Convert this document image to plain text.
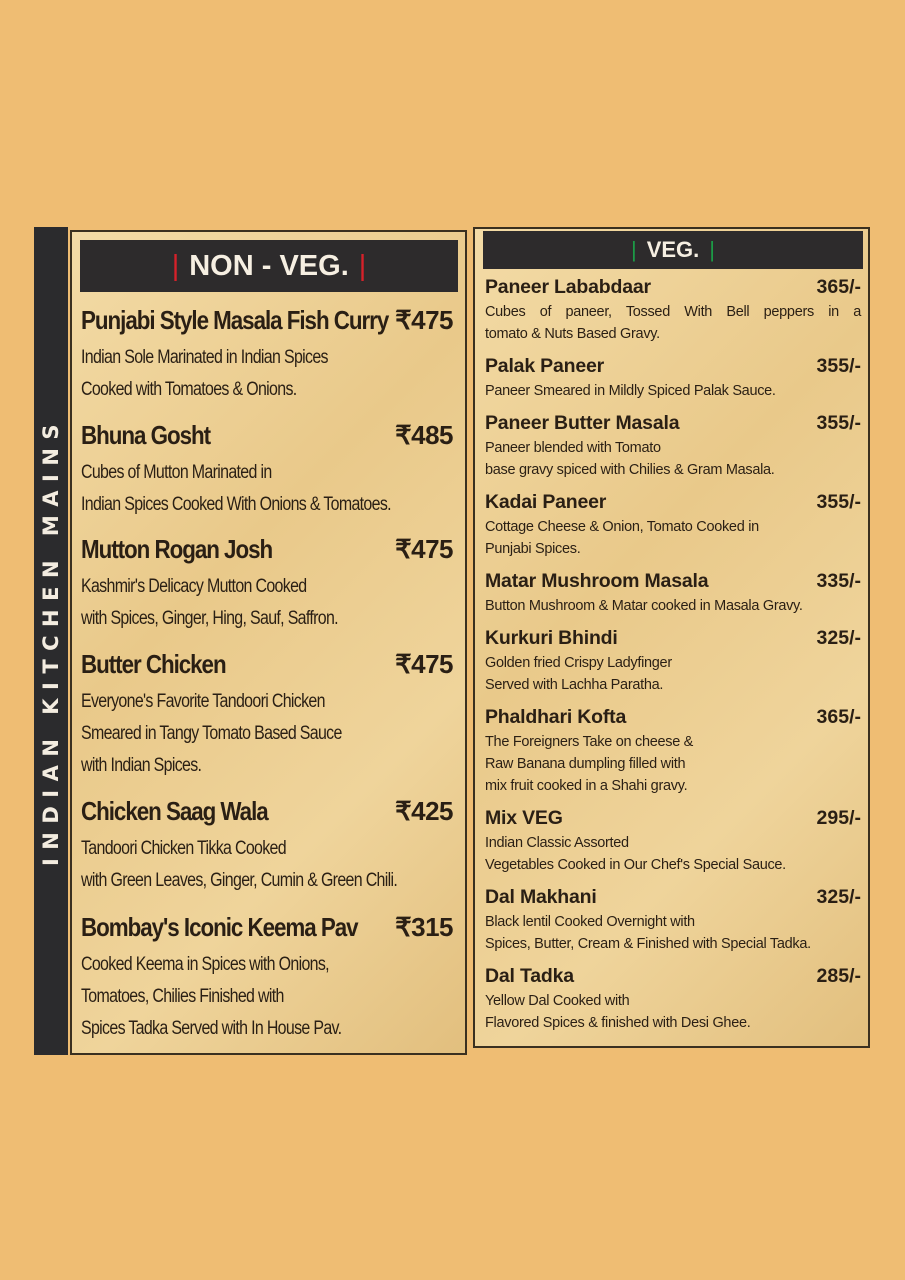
INDIAN KITCHEN MAINS
| NON - VEG. |
Punjabi Style Masala Fish Curry ₹475
Indian Sole Marinated in Indian Spices
Cooked with Tomatoes & Onions.
Bhuna Gosht	₹485
Cubes of Mutton Marinated in
Indian Spices Cooked With Onions & Tomatoes.
Mutton Rogan Josh	₹475
Kashmir's Delicacy Mutton Cooked
with Spices, Ginger, Hing, Sauf, Saffron.
Butter Chicken	₹475
Everyone's Favorite Tandoori Chicken
Smeared in Tangy Tomato Based Sauce
with Indian Spices.
Chicken Saag Wala	₹425
Tandoori Chicken Tikka Cooked
with Green Leaves, Ginger, Cumin & Green Chili.
Bombay's Iconic Keema Pav ₹315
Cooked Keema in Spices with Onions,
Tomatoes, Chilies Finished with
Spices Tadka Served with In House Pav.
| VEG. |
Paneer Lababdaar	365/-
Cubes of paneer, Tossed With Bell peppers in a
tomato & Nuts Based Gravy.
Palak Paneer	355/-
Paneer Smeared in Mildly Spiced Palak Sauce.
Paneer Butter Masala	355/-
Paneer blended with Tomato
base gravy spiced with Chilies & Gram Masala.
Kadai Paneer	355/-
Cottage Cheese & Onion, Tomato Cooked in
Punjabi Spices.
Matar Mushroom Masala	335/-
Button Mushroom & Matar cooked in Masala Gravy.
Kurkuri Bhindi	325/-
Golden fried Crispy Ladyfinger
Served with Lachha Paratha.
Phaldhari Kofta	365/-
The Foreigners Take on cheese &
Raw Banana dumpling filled with
mix fruit cooked in a Shahi gravy.
Mix VEG	295/-
Indian Classic Assorted
Vegetables Cooked in Our Chef's Special Sauce.
Dal Makhani	325/-
Black lentil Cooked Overnight with
Spices, Butter, Cream & Finished with Special Tadka.
Dal Tadka	285/-
Yellow Dal Cooked with
Flavored Spices & finished with Desi Ghee.
